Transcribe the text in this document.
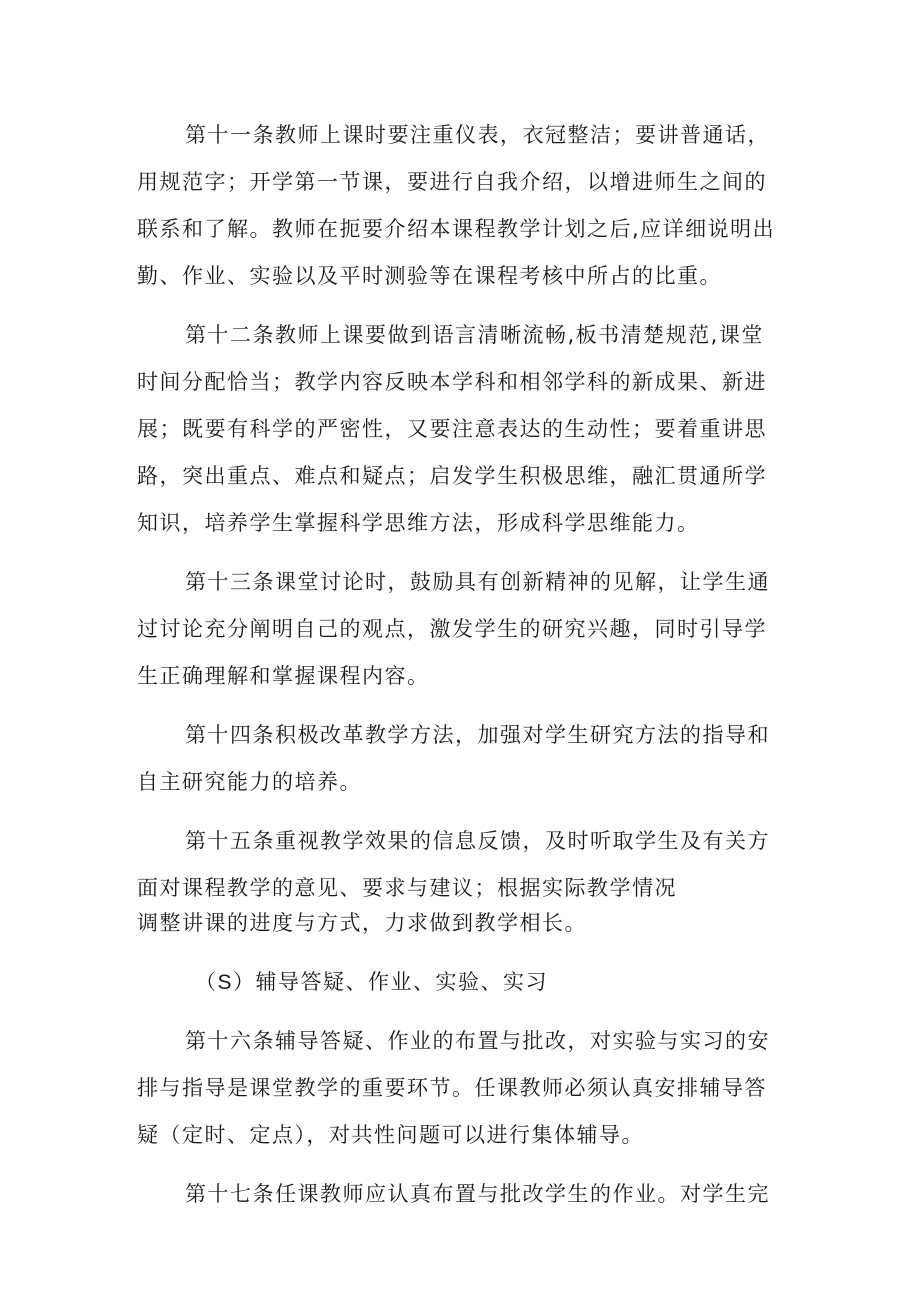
第十一条教师上课时要注重仪表，衣冠整洁；要讲普通话，
用规范字；开学第一节课，要进行自我介绍，以增进师生之间的
联系和了解。教师在扼要介绍本课程教学计划之后,应详细说明出
勤、作业、实验以及平时测验等在课程考核中所占的比重。
第十二条教师上课要做到语言清晰流畅,板书清楚规范,课堂
时间分配恰当；教学内容反映本学科和相邻学科的新成果、新进
展；既要有科学的严密性，又要注意表达的生动性；要着重讲思
路，突出重点、难点和疑点；启发学生积极思维，融汇贯通所学
知识，培养学生掌握科学思维方法，形成科学思维能力。
第十三条课堂讨论时，鼓励具有创新精神的见解，让学生通
过讨论充分阐明自己的观点，激发学生的研究兴趣，同时引导学
生正确理解和掌握课程内容。
第十四条积极改革教学方法，加强对学生研究方法的指导和
自主研究能力的培养。
第十五条重视教学效果的信息反馈，及时听取学生及有关方
面对课程教学的意见、要求与建议；根据实际教学情况
调整讲课的进度与方式，力求做到教学相长。
（S）辅导答疑、作业、实验、实习
第十六条辅导答疑、作业的布置与批改，对实验与实习的安
排与指导是课堂教学的重要环节。任课教师必须认真安排辅导答
疑（定时、定点），对共性问题可以进行集体辅导。
第十七条任课教师应认真布置与批改学生的作业。对学生完
